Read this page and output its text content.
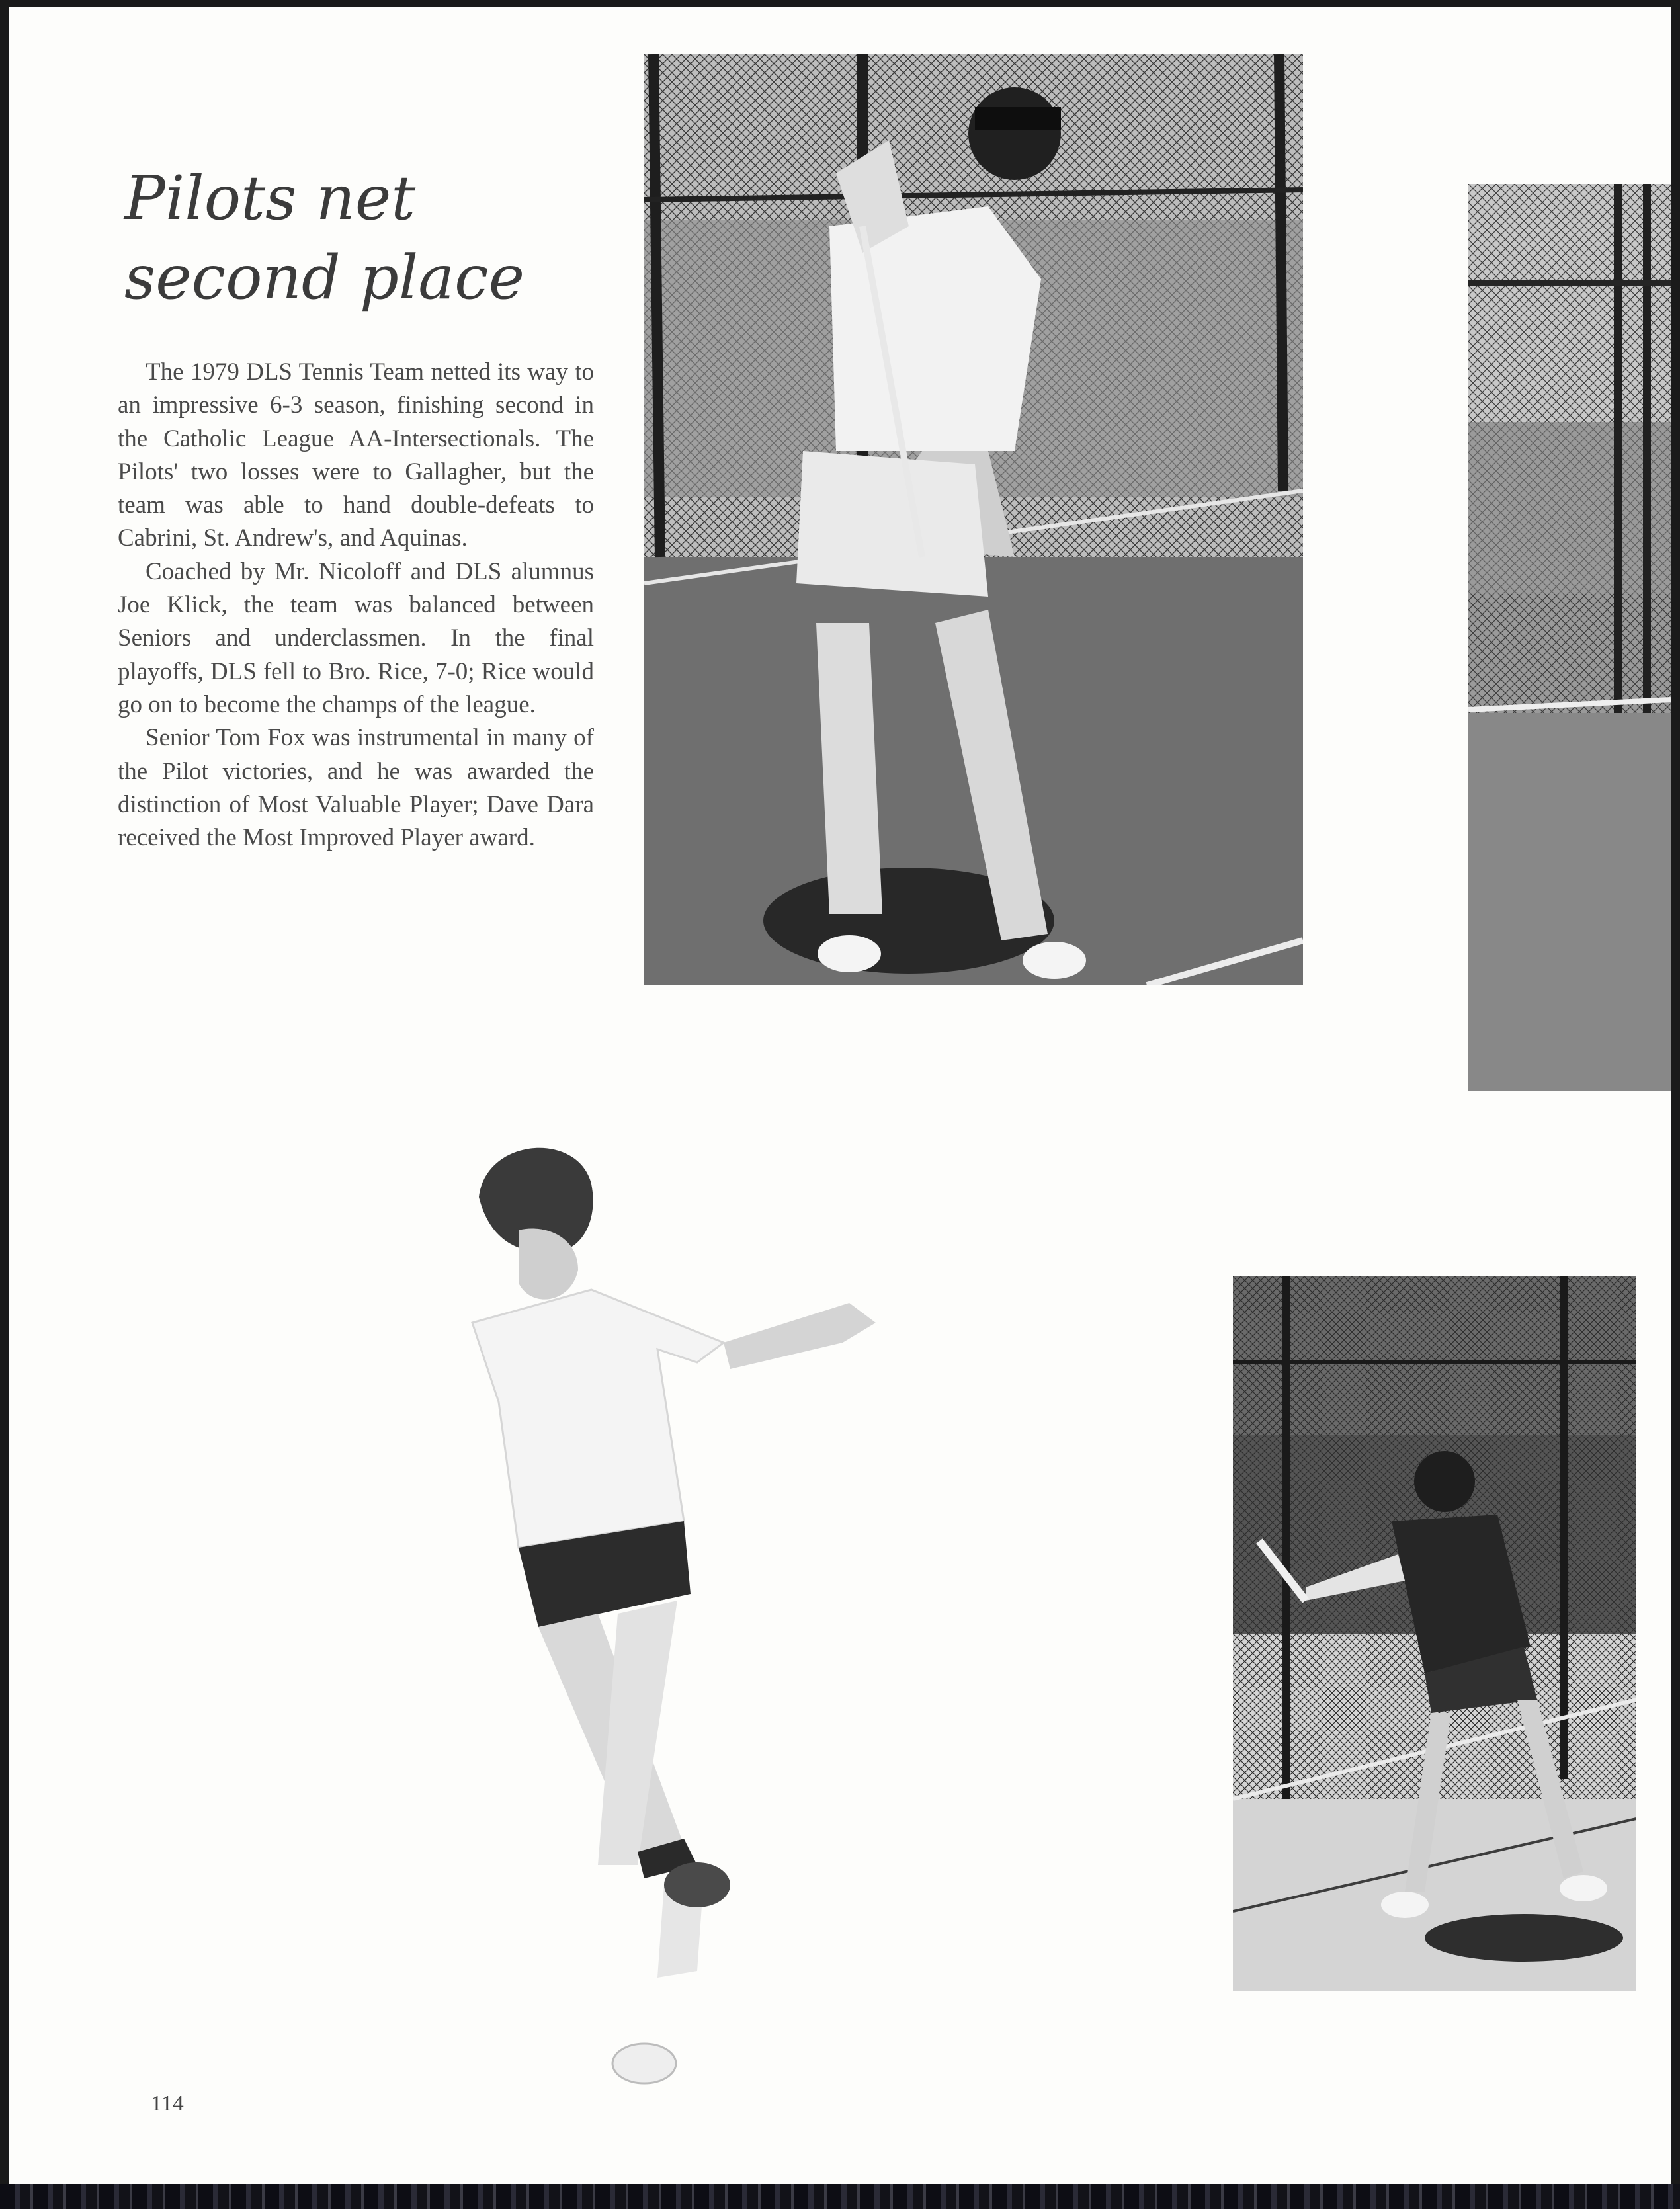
Pilots net
second place

The 1979 DLS Tennis Team netted its way to an impressive 6-3 season, finishing second in the Catholic League AA-Intersectionals. The Pilots' two losses were to Gallagher, but the team was able to hand double-defeats to Cabrini, St. Andrew's, and Aquinas.

Coached by Mr. Nicoloff and DLS alumnus Joe Klick, the team was balanced between Seniors and underclassmen. In the final playoffs, DLS fell to Bro. Rice, 7-0; Rice would go on to become the champs of the league.

Senior Tom Fox was instrumental in many of the Pilot victories, and he was awarded the distinction of Most Valuable Player; Dave Dara received the Most Improved Player award.

114
